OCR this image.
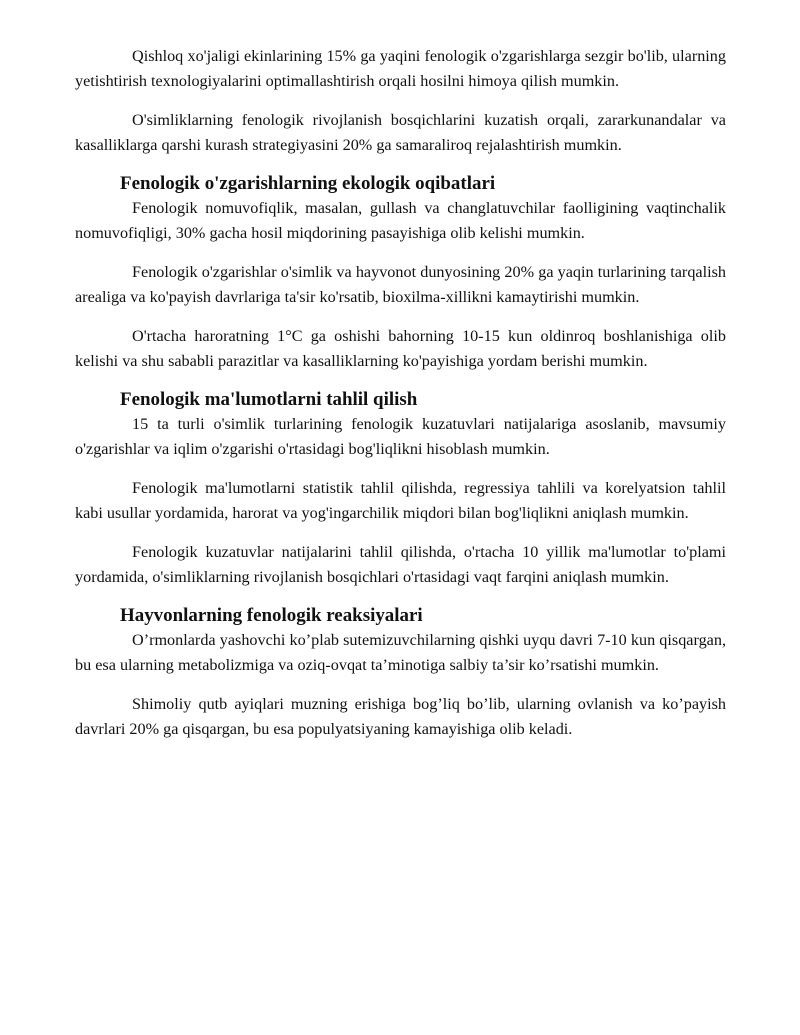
Qishloq xo'jaligi ekinlarining 15% ga yaqini fenologik o'zgarishlarga sezgir bo'lib, ularning yetishtirish texnologiyalarini optimallashtirish orqali hosilni himoya qilish mumkin.

O'simliklarning fenologik rivojlanish bosqichlarini kuzatish orqali, zararkunandalar va kasalliklarga qarshi kurash strategiyasini 20% ga samaraliroq rejalashtirish mumkin.

Fenologik o'zgarishlarning ekologik oqibatlari

Fenologik nomuvofiqlik, masalan, gullash va changlatuvchilar faolligining vaqtinchalik nomuvofiqligi, 30% gacha hosil miqdorining pasayishiga olib kelishi mumkin.

Fenologik o'zgarishlar o'simlik va hayvonot dunyosining 20% ga yaqin turlarining tarqalish arealiga va ko'payish davrlariga ta'sir ko'rsatib, bioxilma-xillikni kamaytirishi mumkin.

O'rtacha haroratning 1°C ga oshishi bahorning 10-15 kun oldinroq boshlanishiga olib kelishi va shu sababli parazitlar va kasalliklarning ko'payishiga yordam berishi mumkin.

Fenologik ma'lumotlarni tahlil qilish

15 ta turli o'simlik turlarining fenologik kuzatuvlari natijalariga asoslanib, mavsumiy o'zgarishlar va iqlim o'zgarishi o'rtasidagi bog'liqlikni hisoblash mumkin.

Fenologik ma'lumotlarni statistik tahlil qilishda, regressiya tahlili va korelyatsion tahlil kabi usullar yordamida, harorat va yog'ingarchilik miqdori bilan bog'liqlikni aniqlash mumkin.

Fenologik kuzatuvlar natijalarini tahlil qilishda, o'rtacha 10 yillik ma'lumotlar to'plami yordamida, o'simliklarning rivojlanish bosqichlari o'rtasidagi vaqt farqini aniqlash mumkin.

Hayvonlarning fenologik reaksiyalari

O’rmonlarda yashovchi ko’plab sutemizuvchilarning qishki uyqu davri 7-10 kun qisqargan, bu esa ularning metabolizmiga va oziq-ovqat ta’minotiga salbiy ta’sir ko’rsatishi mumkin.

Shimoliy qutb ayiqlari muzning erishiga bog’liq bo’lib, ularning ovlanish va ko’payish davrlari 20% ga qisqargan, bu esa populyatsiyaning kamayishiga olib keladi.
